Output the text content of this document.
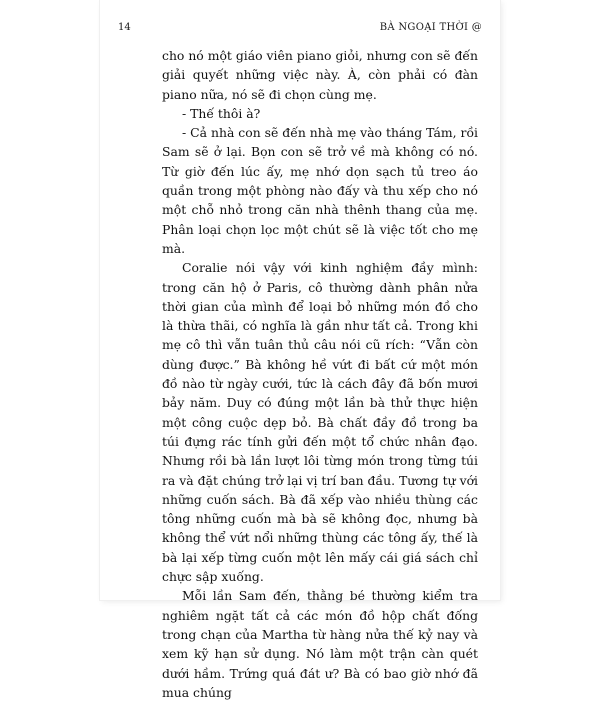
14	BÀ NGOẠI THỜI @

cho nó một giáo viên piano giỏi, nhưng con sẽ đến giải quyết những việc này. À, còn phải có đàn piano nữa, nó sẽ đi chọn cùng mẹ.

- Thế thôi à?

- Cả nhà con sẽ đến nhà mẹ vào tháng Tám, rồi Sam sẽ ở lại. Bọn con sẽ trở về mà không có nó. Từ giờ đến lúc ấy, mẹ nhớ dọn sạch tủ treo áo quần trong một phòng nào đấy và thu xếp cho nó một chỗ nhỏ trong căn nhà thênh thang của mẹ. Phân loại chọn lọc một chút sẽ là việc tốt cho mẹ mà.

Coralie nói vậy với kinh nghiệm đầy mình: trong căn hộ ở Paris, cô thường dành phân nửa thời gian của mình để loại bỏ những món đồ cho là thừa thãi, có nghĩa là gần như tất cả. Trong khi mẹ cô thì vẫn tuân thủ câu nói cũ rích: “Vẫn còn dùng được.” Bà không hề vứt đi bất cứ một món đồ nào từ ngày cưới, tức là cách đây đã bốn mươi bảy năm. Duy có đúng một lần bà thử thực hiện một công cuộc dẹp bỏ. Bà chất đầy đồ trong ba túi đựng rác tính gửi đến một tổ chức nhân đạo. Nhưng rồi bà lần lượt lôi từng món trong từng túi ra và đặt chúng trở lại vị trí ban đầu. Tương tự với những cuốn sách. Bà đã xếp vào nhiều thùng các tông những cuốn mà bà sẽ không đọc, nhưng bà không thể vứt nổi những thùng các tông ấy, thế là bà lại xếp từng cuốn một lên mấy cái giá sách chỉ chực sập xuống.

Mỗi lần Sam đến, thằng bé thường kiểm tra nghiêm ngặt tất cả các món đồ hộp chất đống trong chạn của Martha từ hàng nửa thế kỷ nay và xem kỹ hạn sử dụng. Nó làm một trận càn quét dưới hầm. Trứng quá đát ư? Bà có bao giờ nhớ đã mua chúng
